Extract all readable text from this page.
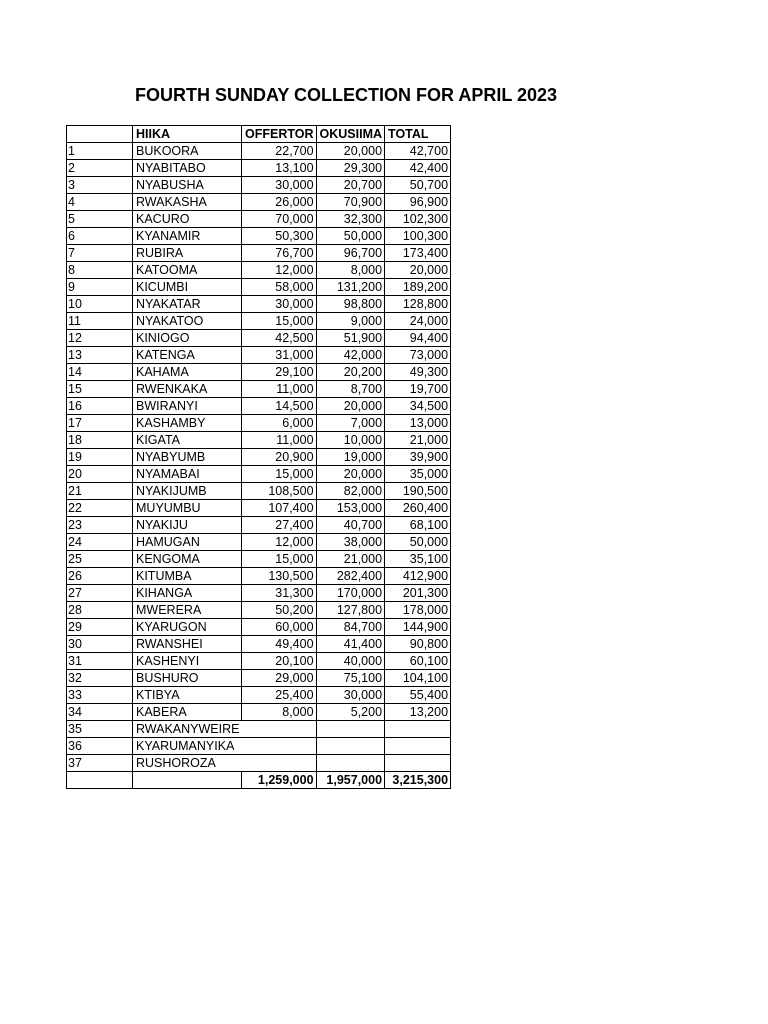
FOURTH SUNDAY COLLECTION FOR APRIL 2023
	HIIKA	OFFERTOR	OKUSIIMA	TOTAL
1	BUKOORA	22,700	20,000	42,700
2	NYABITABO	13,100	29,300	42,400
3	NYABUSHA	30,000	20,700	50,700
4	RWAKASHA	26,000	70,900	96,900
5	KACURO	70,000	32,300	102,300
6	KYANAMIR	50,300	50,000	100,300
7	RUBIRA	76,700	96,700	173,400
8	KATOOMA	12,000	8,000	20,000
9	KICUMBI	58,000	131,200	189,200
10	NYAKATAR	30,000	98,800	128,800
11	NYAKATOO	15,000	9,000	24,000
12	KINIOGO	42,500	51,900	94,400
13	KATENGA	31,000	42,000	73,000
14	KAHAMA	29,100	20,200	49,300
15	RWENKAKA	11,000	8,700	19,700
16	BWIRANYI	14,500	20,000	34,500
17	KASHAMBY	6,000	7,000	13,000
18	KIGATA	11,000	10,000	21,000
19	NYABYUMB	20,900	19,000	39,900
20	NYAMABAI	15,000	20,000	35,000
21	NYAKIJUMB	108,500	82,000	190,500
22	MUYUMBU	107,400	153,000	260,400
23	NYAKIJU	27,400	40,700	68,100
24	HAMUGAN	12,000	38,000	50,000
25	KENGOMA	15,000	21,000	35,100
26	KITUMBA	130,500	282,400	412,900
27	KIHANGA	31,300	170,000	201,300
28	MWERERA	50,200	127,800	178,000
29	KYARUGON	60,000	84,700	144,900
30	RWANSHEI	49,400	41,400	90,800
31	KASHENYI	20,100	40,000	60,100
32	BUSHURO	29,000	75,100	104,100
33	KTIBYA	25,400	30,000	55,400
34	KABERA	8,000	5,200	13,200
35	RWAKANYWEIRE			
36	KYARUMANYIKA			
37	RUSHOROZA			
		1,259,000	1,957,000	3,215,300
